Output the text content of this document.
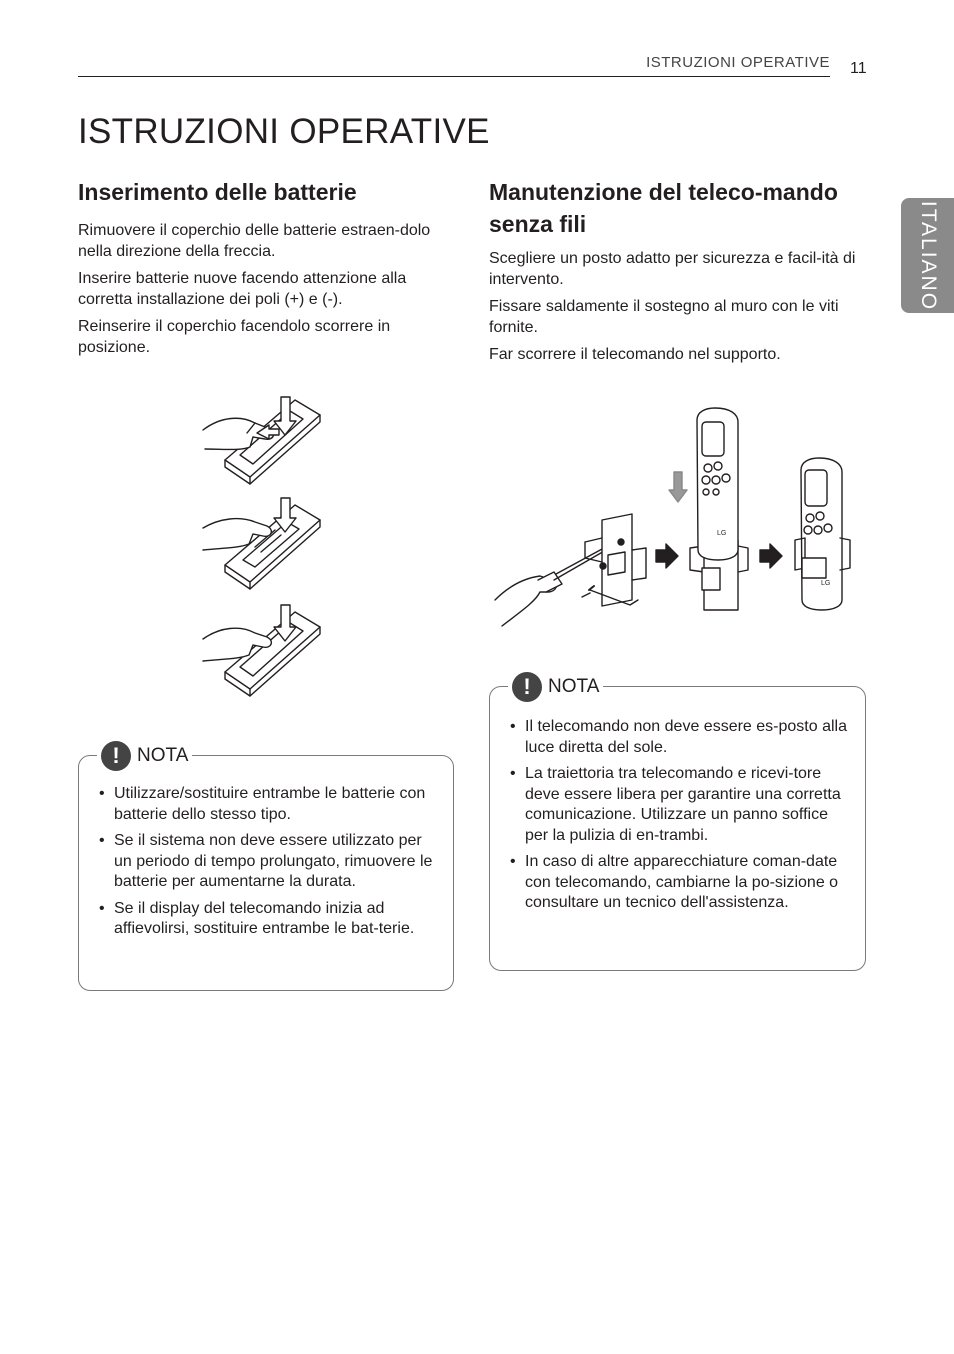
ISTRUZIONI OPERATIVE 11
ISTRUZIONI OPERATIVE
ITALIANO
Inserimento delle batterie

Rimuovere il coperchio delle batterie estraen-dolo nella direzione della freccia.

Inserire batterie nuove facendo attenzione alla corretta installazione dei poli (+) e (-).

Reinserire il coperchio facendolo scorrere in posizione.

! NOTA
• Utilizzare/sostituire entrambe le batterie con batterie dello stesso tipo.
• Se il sistema non deve essere utilizzato per un periodo di tempo prolungato, rimuovere le batterie per aumentarne la durata.
• Se il display del telecomando inizia ad affievolirsi, sostituire entrambe le bat-terie.
Manutenzione del teleco-mando senza fili

Scegliere un posto adatto per sicurezza e facil-ità di intervento.

Fissare saldamente il sostegno al muro con le viti fornite.

Far scorrere il telecomando nel supporto.

LG
LG
! NOTA
• Il telecomando non deve essere es-posto alla luce diretta del sole.
• La traiettoria tra telecomando e ricevi-tore deve essere libera per garantire una corretta comunicazione. Utilizzare un panno soffice per la pulizia di en-trambi.
• In caso di altre apparecchiature coman-date con telecomando, cambiarne la po-sizione o consultare un tecnico dell'assistenza.
